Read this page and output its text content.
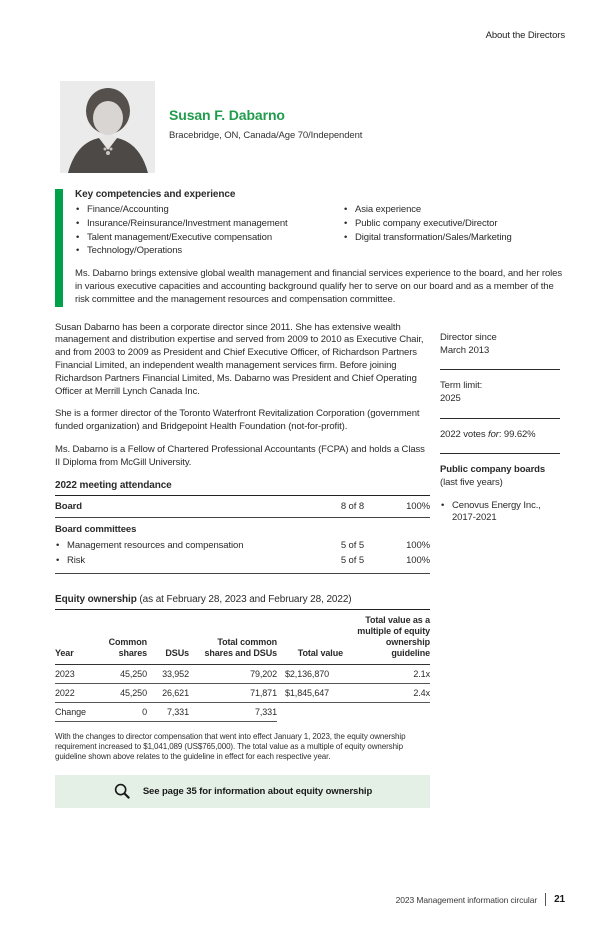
About the Directors
Susan F. Dabarno
Bracebridge, ON, Canada/Age 70/Independent
Key competencies and experience
• Finance/Accounting
• Insurance/Reinsurance/Investment management
• Talent management/Executive compensation
• Technology/Operations
• Asia experience
• Public company executive/Director
• Digital transformation/Sales/Marketing

Ms. Dabarno brings extensive global wealth management and financial services experience to the board, and her roles in various executive capacities and accounting background qualify her to serve on our board and as a member of the risk committee and the management resources and compensation committee.

Susan Dabarno has been a corporate director since 2011. She has extensive wealth management and distribution expertise and served from 2009 to 2010 as Executive Chair, and from 2003 to 2009 as President and Chief Executive Officer, of Richardson Partners Financial Limited, an independent wealth management services firm. Before joining Richardson Partners Financial Limited, Ms. Dabarno was President and Chief Operating Officer at Merrill Lynch Canada Inc.

She is a former director of the Toronto Waterfront Revitalization Corporation (government funded organization) and Bridgepoint Health Foundation (not-for-profit).

Ms. Dabarno is a Fellow of Chartered Professional Accountants (FCPA) and holds a Class II Diploma from McGill University.

2022 meeting attendance
Board	8 of 8	100%
Board committees
• Management resources and compensation	5 of 5	100%
• Risk	5 of 5	100%
Equity ownership (as at February 28, 2023 and February 28, 2022)
Year	Common shares	DSUs	Total common shares and DSUs	Total value	Total value as a multiple of equity ownership guideline
2023	45,250	33,952	79,202	$2,136,870	2.1x
2022	45,250	26,621	71,871	$1,845,647	2.4x
Change	0	7,331	7,331		

With the changes to director compensation that went into effect January 1, 2023, the equity ownership requirement increased to $1,041,089 (US$765,000). The total value as a multiple of equity ownership guideline shown above relates to the guideline in effect for each respective year.

See page 35 for information about equity ownership
Director since
March 2013
Term limit:
2025
2022 votes for: 99.62%
Public company boards
(last five years)
• Cenovus Energy Inc., 2017-2021
2023 Management information circular 21
